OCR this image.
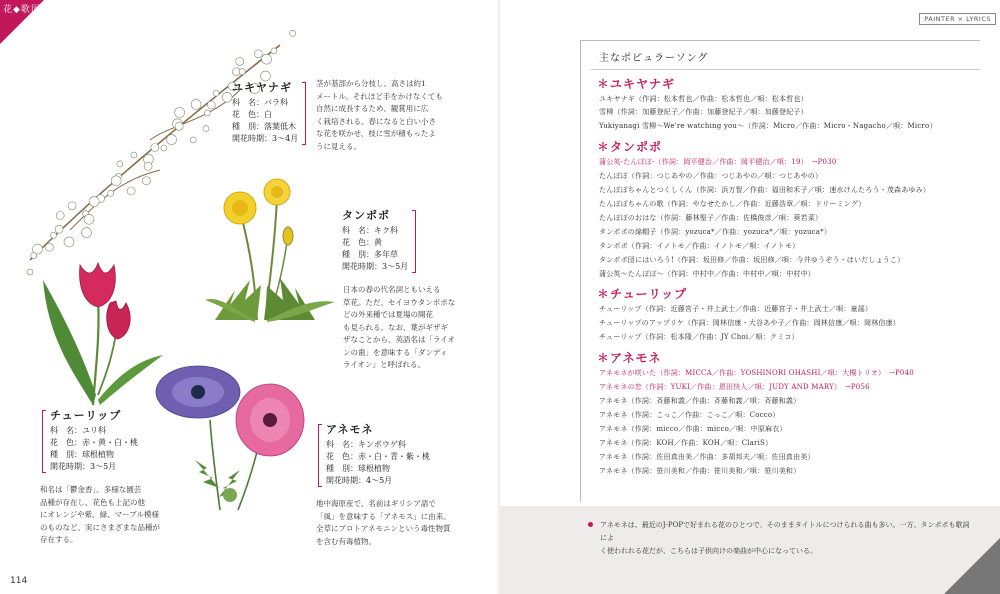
花◆歌図鑑
ユキヤナギ
科　名：バラ科
花　色：白
種　別：落葉低木
開花時期：3〜4月
茎が基部から分枝し、高さは約1
メートル。それほど手をかけなくても
自然に成長するため、観賞用に広
く栽培される。春になると白い小さ
な花を咲かせ、枝に雪が積もったよ
うに見える。
タンポポ
科　名：キク科
花　色：黄
種　別：多年草
開花時期：3〜5月
日本の春の代名詞ともいえる
草花。ただ、セイヨウタンポポな
どの外来種では夏場の開花
も見られる。なお、葉がギザギ
ザなことから、英語名は「ライオ
ンの歯」を意味する「ダンディ
ライオン」と呼ばれる。
チューリップ
科　名：ユリ科
花　色：赤・黄・白・桃
種　別：球根植物
開花時期：3〜5月
和名は「鬱金香」。多様な園芸
品種が存在し、花色も上記の他
にオレンジや紫、緑、マーブル模様
のものなど、実にさまざまな品種が
存在する。
アネモネ
科　名：キンポウゲ科
花　色：赤・白・青・紫・桃
種　別：球根植物
開花時期：4〜5月
地中海原産で、名前はギリシア語で
「風」を意味する「アネモス」に由来。
全草にプロトアネモニンという毒性物質
を含む有毒植物。
114
PAINTER × LYRICS
主なポピュラーソング
✽ユキヤナギ
ユキヤナギ（作詞：松本哲也／作曲：松本哲也／唄：松本哲也）
雪柳（作詞：加藤登紀子／作曲：加藤登紀子／唄：加藤登紀子）
Yukiyanagi 雪柳〜We're watching you〜（作詞：Micro／作曲：Micro・Nagacho／唄：Micro）
✽タンポポ
蒲公英-たんぽぽ-（作詞：岡平健治／作曲：岡平健治／唄：19）　→P030
たんぽぽ（作詞：つじあやの／作曲：つじあやの／唄：つじあやの）
たんぽぽちゃんとつくしくん（作詞：浜万智／作曲：福田和禾子／唄：速水けんたろう・茂森あゆみ）
たんぽぽちゃんの歌（作詞：やなせたかし／作曲：近藤浩章／唄：ドリーミング）
たんぽぽのおはな（作詞：藤林聖子／作曲：佐橋俊彦／唄：葵若菜）
タンポポの綿帽子（作詞：yozuca*／作曲：yozuca*／唄：yozuca*）
タンポポ（作詞：イノトモ／作曲：イノトモ／唄：イノトモ）
タンポポ団にはいろう!（作詞：坂田修／作曲：坂田修／唄：今井ゆうぞう・はいだしょうこ）
蒲公英〜たんぽぽ〜（作詞：中村中／作曲：中村中／唄：中村中）
✽チューリップ
チューリップ（作詞：近藤宮子・井上武士／作曲：近藤宮子・井上武士／唄：童謡）
チューリップのアップリケ（作詞：岡林信康・大谷あや子／作曲：岡林信康／唄：岡林信康）
チューリップ（作詞：松本隆／作曲：JY Choi／唄：クミコ）
✽アネモネ
アネモネが咲いた（作詞：MICCA／作曲：YOSHINORI OHASHI／唄：大槻トリオ）　→P040
アネモネの恋（作詞：YUKI／作曲：恩田快人／唄：JUDY AND MARY）　→P056
アネモネ（作詞：斉藤和義／作曲：斉藤和義／唄：斉藤和義）
アネモネ（作詞：こっこ／作曲：こっこ／唄：Cocco）
アネモネ（作詞：micco／作曲：micco／唄：中原麻衣）
アネモネ（作詞：KOH／作曲：KOH／唄：ClariS）
アネモネ（作詞：佐田真由美／作曲：多胡邦夫／唄：佐田真由美）
アネモネ（作詞：笹川美和／作曲：笹川美和／唄：笹川美和）
アネモネは、最近のJ-POPで好まれる花のひとつで、そのままタイトルにつけられる曲も多い。一方、タンポポも歌詞によ
く使われれる花だが、こちらは子供向けの楽曲が中心になっている。
